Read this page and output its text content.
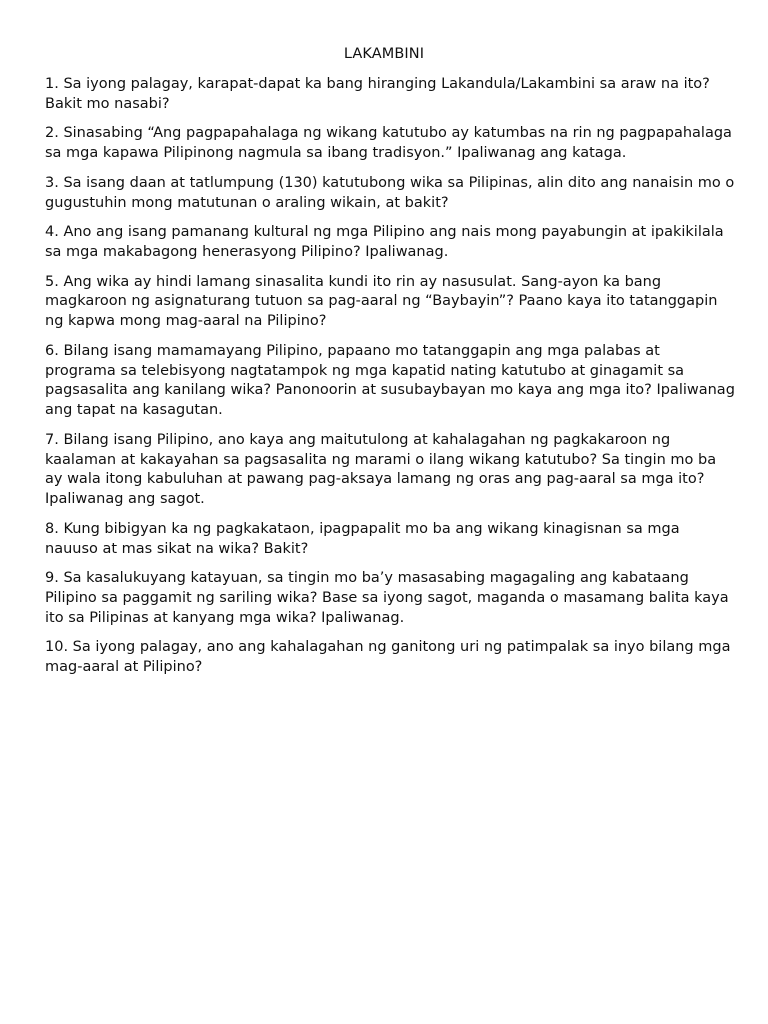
LAKAMBINI
1. Sa iyong palagay, karapat-dapat ka bang hiranging Lakandula/Lakambini sa araw na ito? Bakit mo nasabi?
2. Sinasabing “Ang pagpapahalaga ng wikang katutubo ay katumbas na rin ng pagpapahalaga sa mga kapawa Pilipinong nagmula sa ibang tradisyon.” Ipaliwanag ang kataga.
3. Sa isang daan at tatlumpung (130) katutubong wika sa Pilipinas, alin dito ang nanaisin mo o gugustuhin mong matutunan o araling wikain, at bakit?
4. Ano ang isang pamanang kultural ng mga Pilipino ang nais mong payabungin at ipakikilala sa mga makabagong henerasyong Pilipino? Ipaliwanag.
5. Ang wika ay hindi lamang sinasalita kundi ito rin ay nasusulat. Sang-ayon ka bang magkaroon ng asignaturang tutuon sa pag-aaral ng “Baybayin”? Paano kaya ito tatanggapin ng kapwa mong mag-aaral na Pilipino?
6. Bilang isang mamamayang Pilipino, papaano mo tatanggapin ang mga palabas at programa sa telebisyong nagtatampok ng mga kapatid nating katutubo at ginagamit sa pagsasalita ang kanilang wika? Panonoorin at susubaybayan mo kaya ang mga ito? Ipaliwanag ang tapat na kasagutan.
7. Bilang isang Pilipino, ano kaya ang maitutulong at kahalagahan ng pagkakaroon ng kaalaman at kakayahan sa pagsasalita ng marami o ilang wikang katutubo? Sa tingin mo ba ay wala itong kabuluhan at pawang pag-aksaya lamang ng oras ang pag-aaral sa mga ito?  Ipaliwanag ang sagot.
8. Kung bibigyan ka ng pagkakataon, ipagpapalit mo ba ang wikang kinagisnan sa mga nauuso at mas sikat na wika? Bakit?
9. Sa kasalukuyang katayuan, sa tingin mo ba’y masasabing magagaling ang kabataang Pilipino sa paggamit ng sariling wika? Base sa iyong sagot, maganda o masamang balita kaya ito sa Pilipinas at kanyang mga wika? Ipaliwanag.
10. Sa iyong palagay, ano ang kahalagahan ng ganitong uri ng patimpalak sa inyo bilang mga mag-aaral at Pilipino?
